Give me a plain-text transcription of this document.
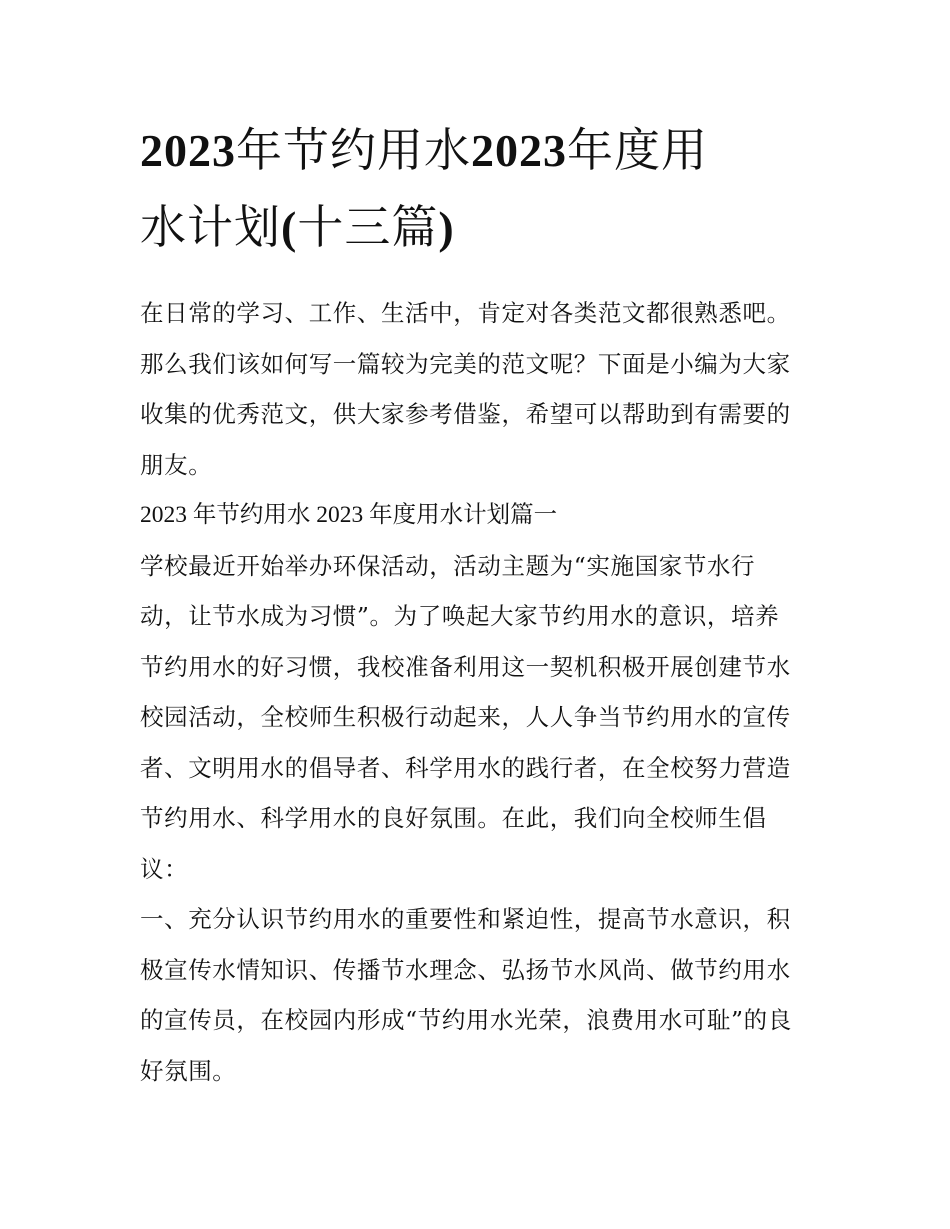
2023年节约用水2023年度用
水计划(十三篇)

在日常的学习、工作、生活中，肯定对各类范文都很熟悉吧。
那么我们该如何写一篇较为完美的范文呢？下面是小编为大家
收集的优秀范文，供大家参考借鉴，希望可以帮助到有需要的
朋友。

2023 年节约用水 2023 年度用水计划篇一

学校最近开始举办环保活动，活动主题为“实施国家节水行
动，让节水成为习惯”。为了唤起大家节约用水的意识，培养
节约用水的好习惯，我校准备利用这一契机积极开展创建节水
校园活动，全校师生积极行动起来，人人争当节约用水的宣传
者、文明用水的倡导者、科学用水的践行者，在全校努力营造
节约用水、科学用水的良好氛围。在此，我们向全校师生倡
议：

一、充分认识节约用水的重要性和紧迫性，提高节水意识，积
极宣传水情知识、传播节水理念、弘扬节水风尚、做节约用水
的宣传员，在校园内形成“节约用水光荣，浪费用水可耻”的良
好氛围。
